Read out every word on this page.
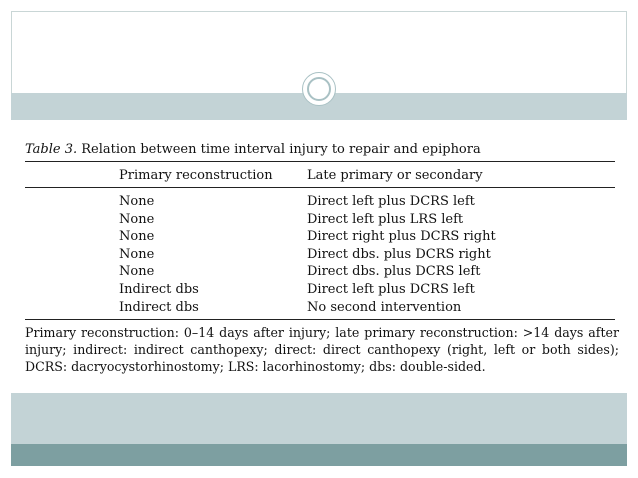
Table 3. Relation between time interval injury to repair and epiphora
Primary reconstruction	Late primary or secondary
None	Direct left plus DCRS left
None	Direct left plus LRS left
None	Direct right plus DCRS right
None	Direct dbs. plus DCRS right
None	Direct dbs. plus DCRS left
Indirect dbs	Direct left plus DCRS left
Indirect dbs	No second intervention
Primary reconstruction: 0–14 days after injury; late primary reconstruction: >14 days after injury; indirect: indirect canthopexy; direct: direct canthopexy (right, left or both sides); DCRS: dacryocystorhinostomy; LRS: lacorhinostomy; dbs: double-sided.
